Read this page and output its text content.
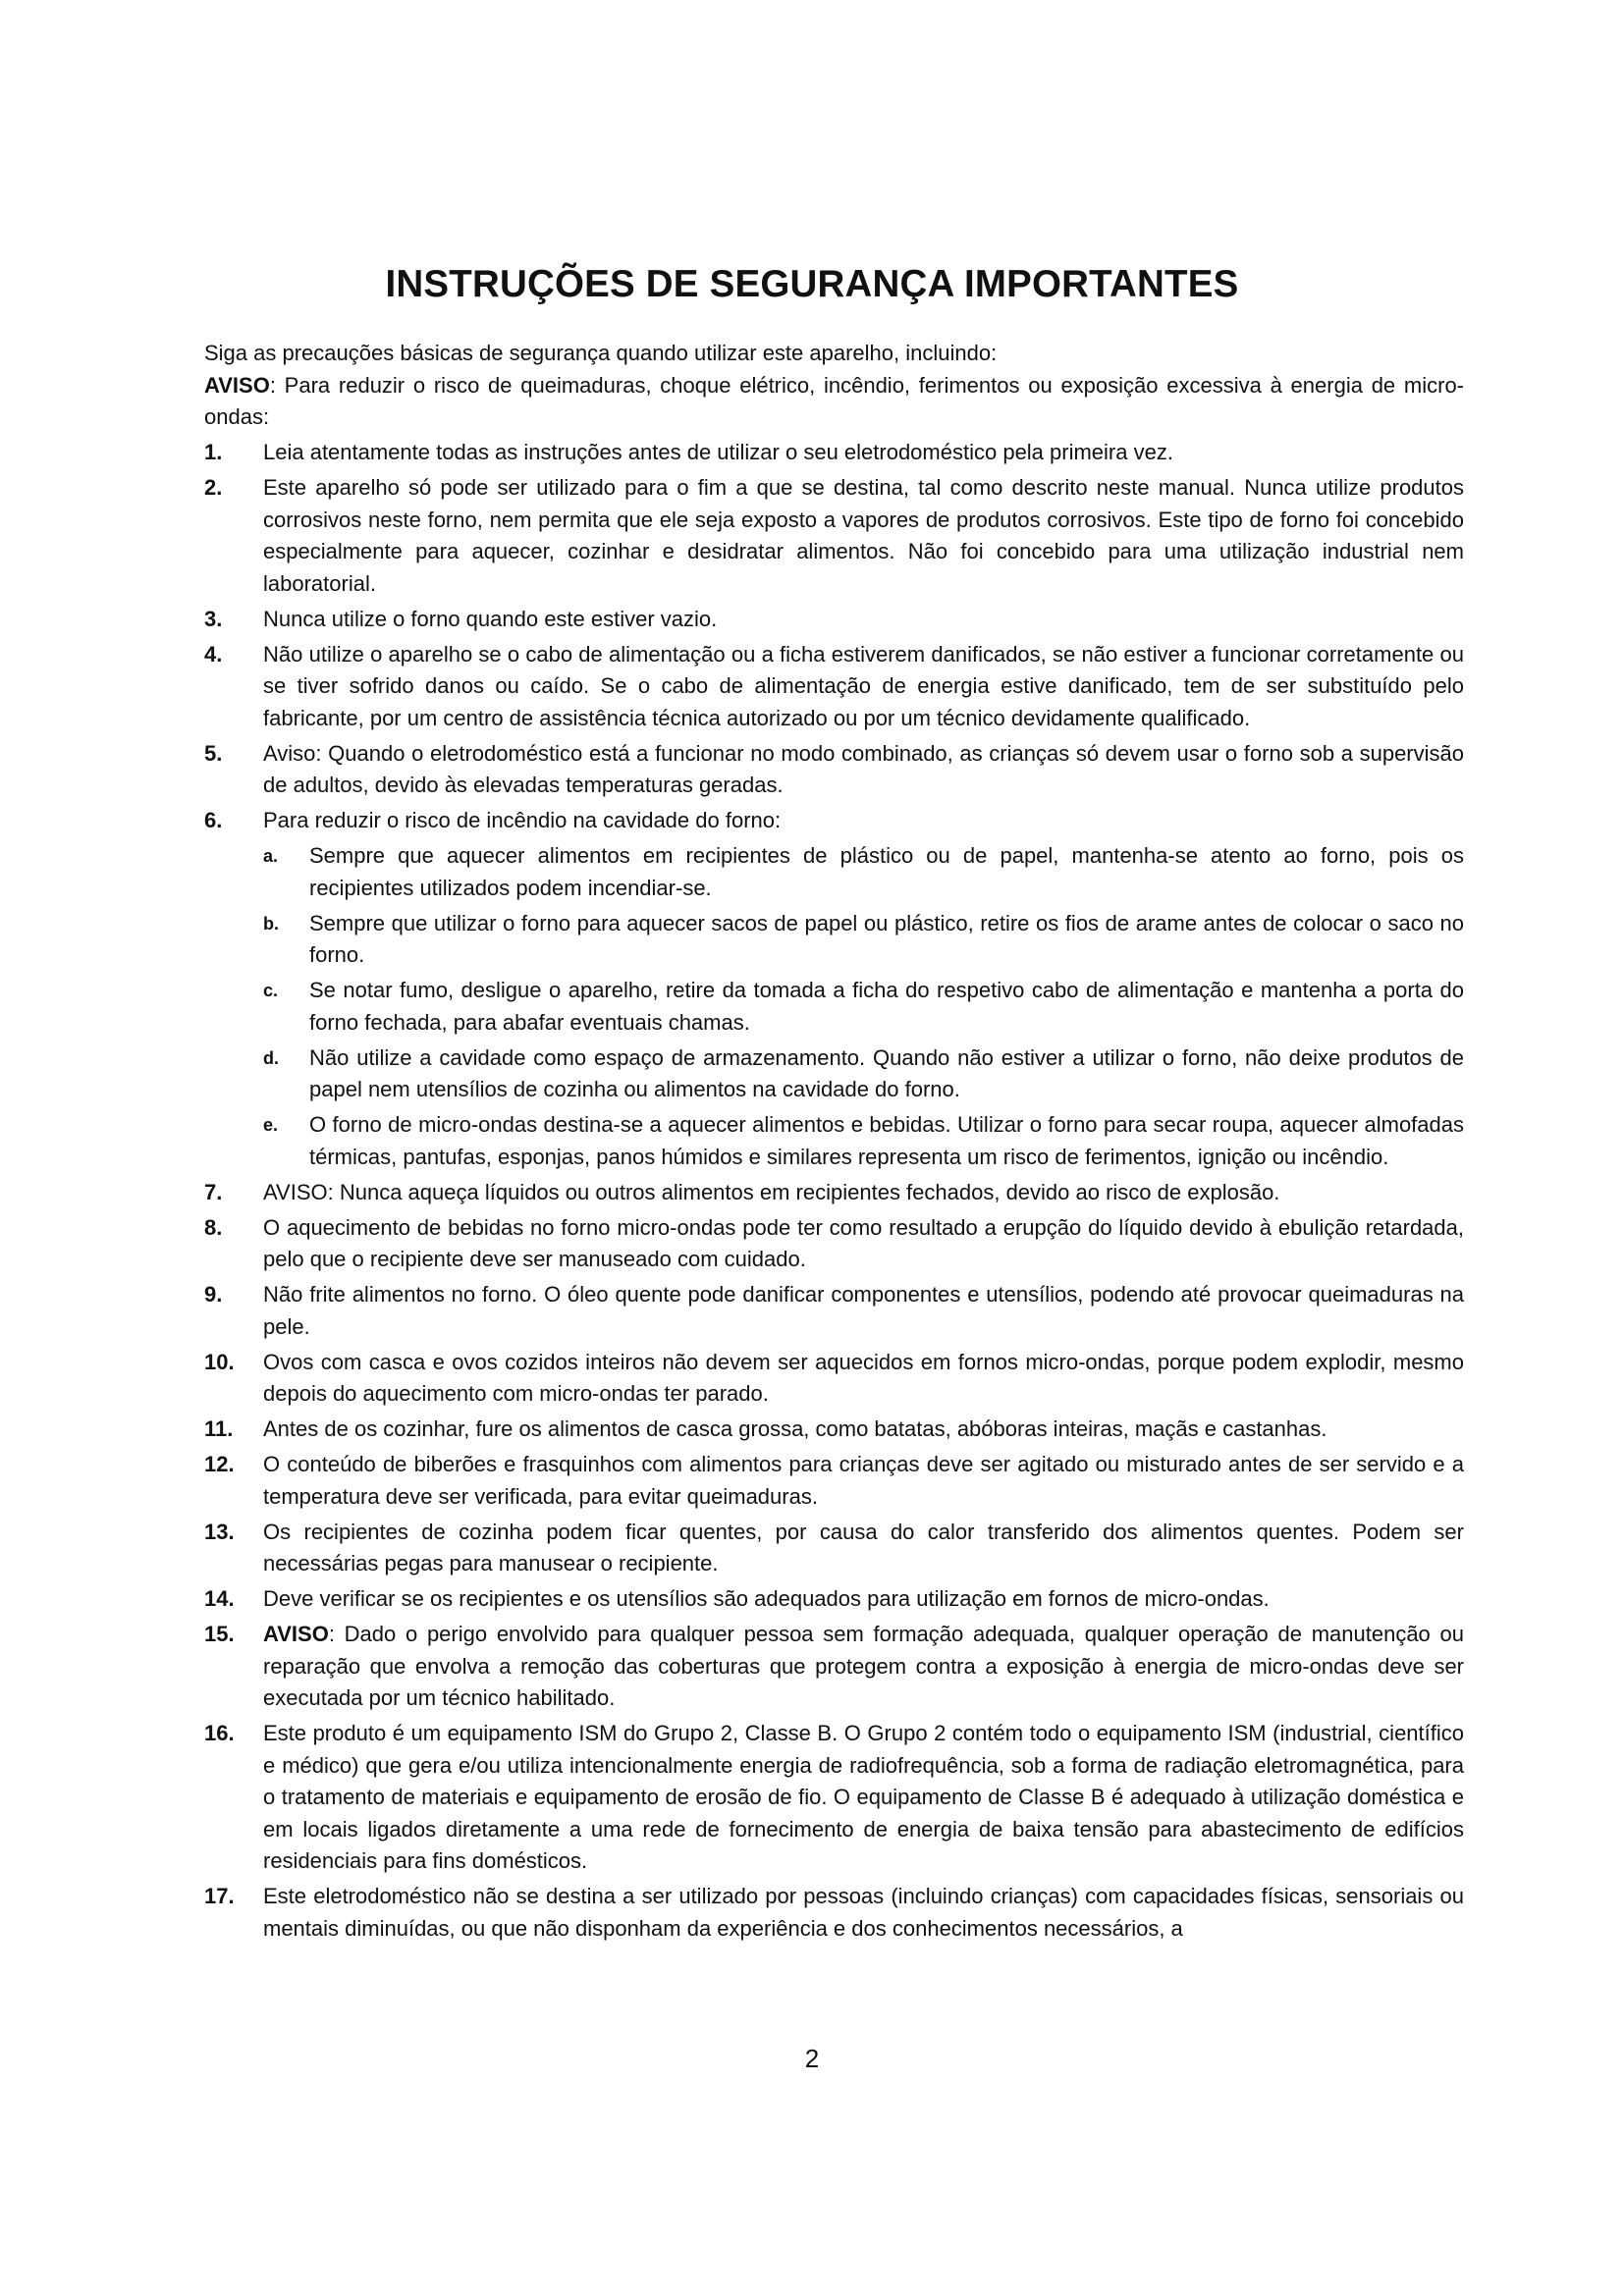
INSTRUÇÕES DE SEGURANÇA IMPORTANTES

Siga as precauções básicas de segurança quando utilizar este aparelho, incluindo:

AVISO: Para reduzir o risco de queimaduras, choque elétrico, incêndio, ferimentos ou exposição excessiva à energia de micro-ondas:

1. Leia atentamente todas as instruções antes de utilizar o seu eletrodoméstico pela primeira vez.
2. Este aparelho só pode ser utilizado para o fim a que se destina, tal como descrito neste manual. Nunca utilize produtos corrosivos neste forno, nem permita que ele seja exposto a vapores de produtos corrosivos. Este tipo de forno foi concebido especialmente para aquecer, cozinhar e desidratar alimentos. Não foi concebido para uma utilização industrial nem laboratorial.
3. Nunca utilize o forno quando este estiver vazio.
4. Não utilize o aparelho se o cabo de alimentação ou a ficha estiverem danificados, se não estiver a funcionar corretamente ou se tiver sofrido danos ou caído. Se o cabo de alimentação de energia estive danificado, tem de ser substituído pelo fabricante, por um centro de assistência técnica autorizado ou por um técnico devidamente qualificado.
5. Aviso: Quando o eletrodoméstico está a funcionar no modo combinado, as crianças só devem usar o forno sob a supervisão de adultos, devido às elevadas temperaturas geradas.
6. Para reduzir o risco de incêndio na cavidade do forno:
a. Sempre que aquecer alimentos em recipientes de plástico ou de papel, mantenha-se atento ao forno, pois os recipientes utilizados podem incendiar-se.
b. Sempre que utilizar o forno para aquecer sacos de papel ou plástico, retire os fios de arame antes de colocar o saco no forno.
c. Se notar fumo, desligue o aparelho, retire da tomada a ficha do respetivo cabo de alimentação e mantenha a porta do forno fechada, para abafar eventuais chamas.
d. Não utilize a cavidade como espaço de armazenamento. Quando não estiver a utilizar o forno, não deixe produtos de papel nem utensílios de cozinha ou alimentos na cavidade do forno.
e. O forno de micro-ondas destina-se a aquecer alimentos e bebidas. Utilizar o forno para secar roupa, aquecer almofadas térmicas, pantufas, esponjas, panos húmidos e similares representa um risco de ferimentos, ignição ou incêndio.
7. AVISO: Nunca aqueça líquidos ou outros alimentos em recipientes fechados, devido ao risco de explosão.
8. O aquecimento de bebidas no forno micro-ondas pode ter como resultado a erupção do líquido devido à ebulição retardada, pelo que o recipiente deve ser manuseado com cuidado.
9. Não frite alimentos no forno. O óleo quente pode danificar componentes e utensílios, podendo até provocar queimaduras na pele.
10. Ovos com casca e ovos cozidos inteiros não devem ser aquecidos em fornos micro-ondas, porque podem explodir, mesmo depois do aquecimento com micro-ondas ter parado.
11. Antes de os cozinhar, fure os alimentos de casca grossa, como batatas, abóboras inteiras, maçãs e castanhas.
12. O conteúdo de biberões e frasquinhos com alimentos para crianças deve ser agitado ou misturado antes de ser servido e a temperatura deve ser verificada, para evitar queimaduras.
13. Os recipientes de cozinha podem ficar quentes, por causa do calor transferido dos alimentos quentes. Podem ser necessárias pegas para manusear o recipiente.
14. Deve verificar se os recipientes e os utensílios são adequados para utilização em fornos de micro-ondas.
15. AVISO: Dado o perigo envolvido para qualquer pessoa sem formação adequada, qualquer operação de manutenção ou reparação que envolva a remoção das coberturas que protegem contra a exposição à energia de micro-ondas deve ser executada por um técnico habilitado.
16. Este produto é um equipamento ISM do Grupo 2, Classe B. O Grupo 2 contém todo o equipamento ISM (industrial, científico e médico) que gera e/ou utiliza intencionalmente energia de radiofrequência, sob a forma de radiação eletromagnética, para o tratamento de materiais e equipamento de erosão de fio. O equipamento de Classe B é adequado à utilização doméstica e em locais ligados diretamente a uma rede de fornecimento de energia de baixa tensão para abastecimento de edifícios residenciais para fins domésticos.
17. Este eletrodoméstico não se destina a ser utilizado por pessoas (incluindo crianças) com capacidades físicas, sensoriais ou mentais diminuídas, ou que não disponham da experiência e dos conhecimentos necessários, a
2
